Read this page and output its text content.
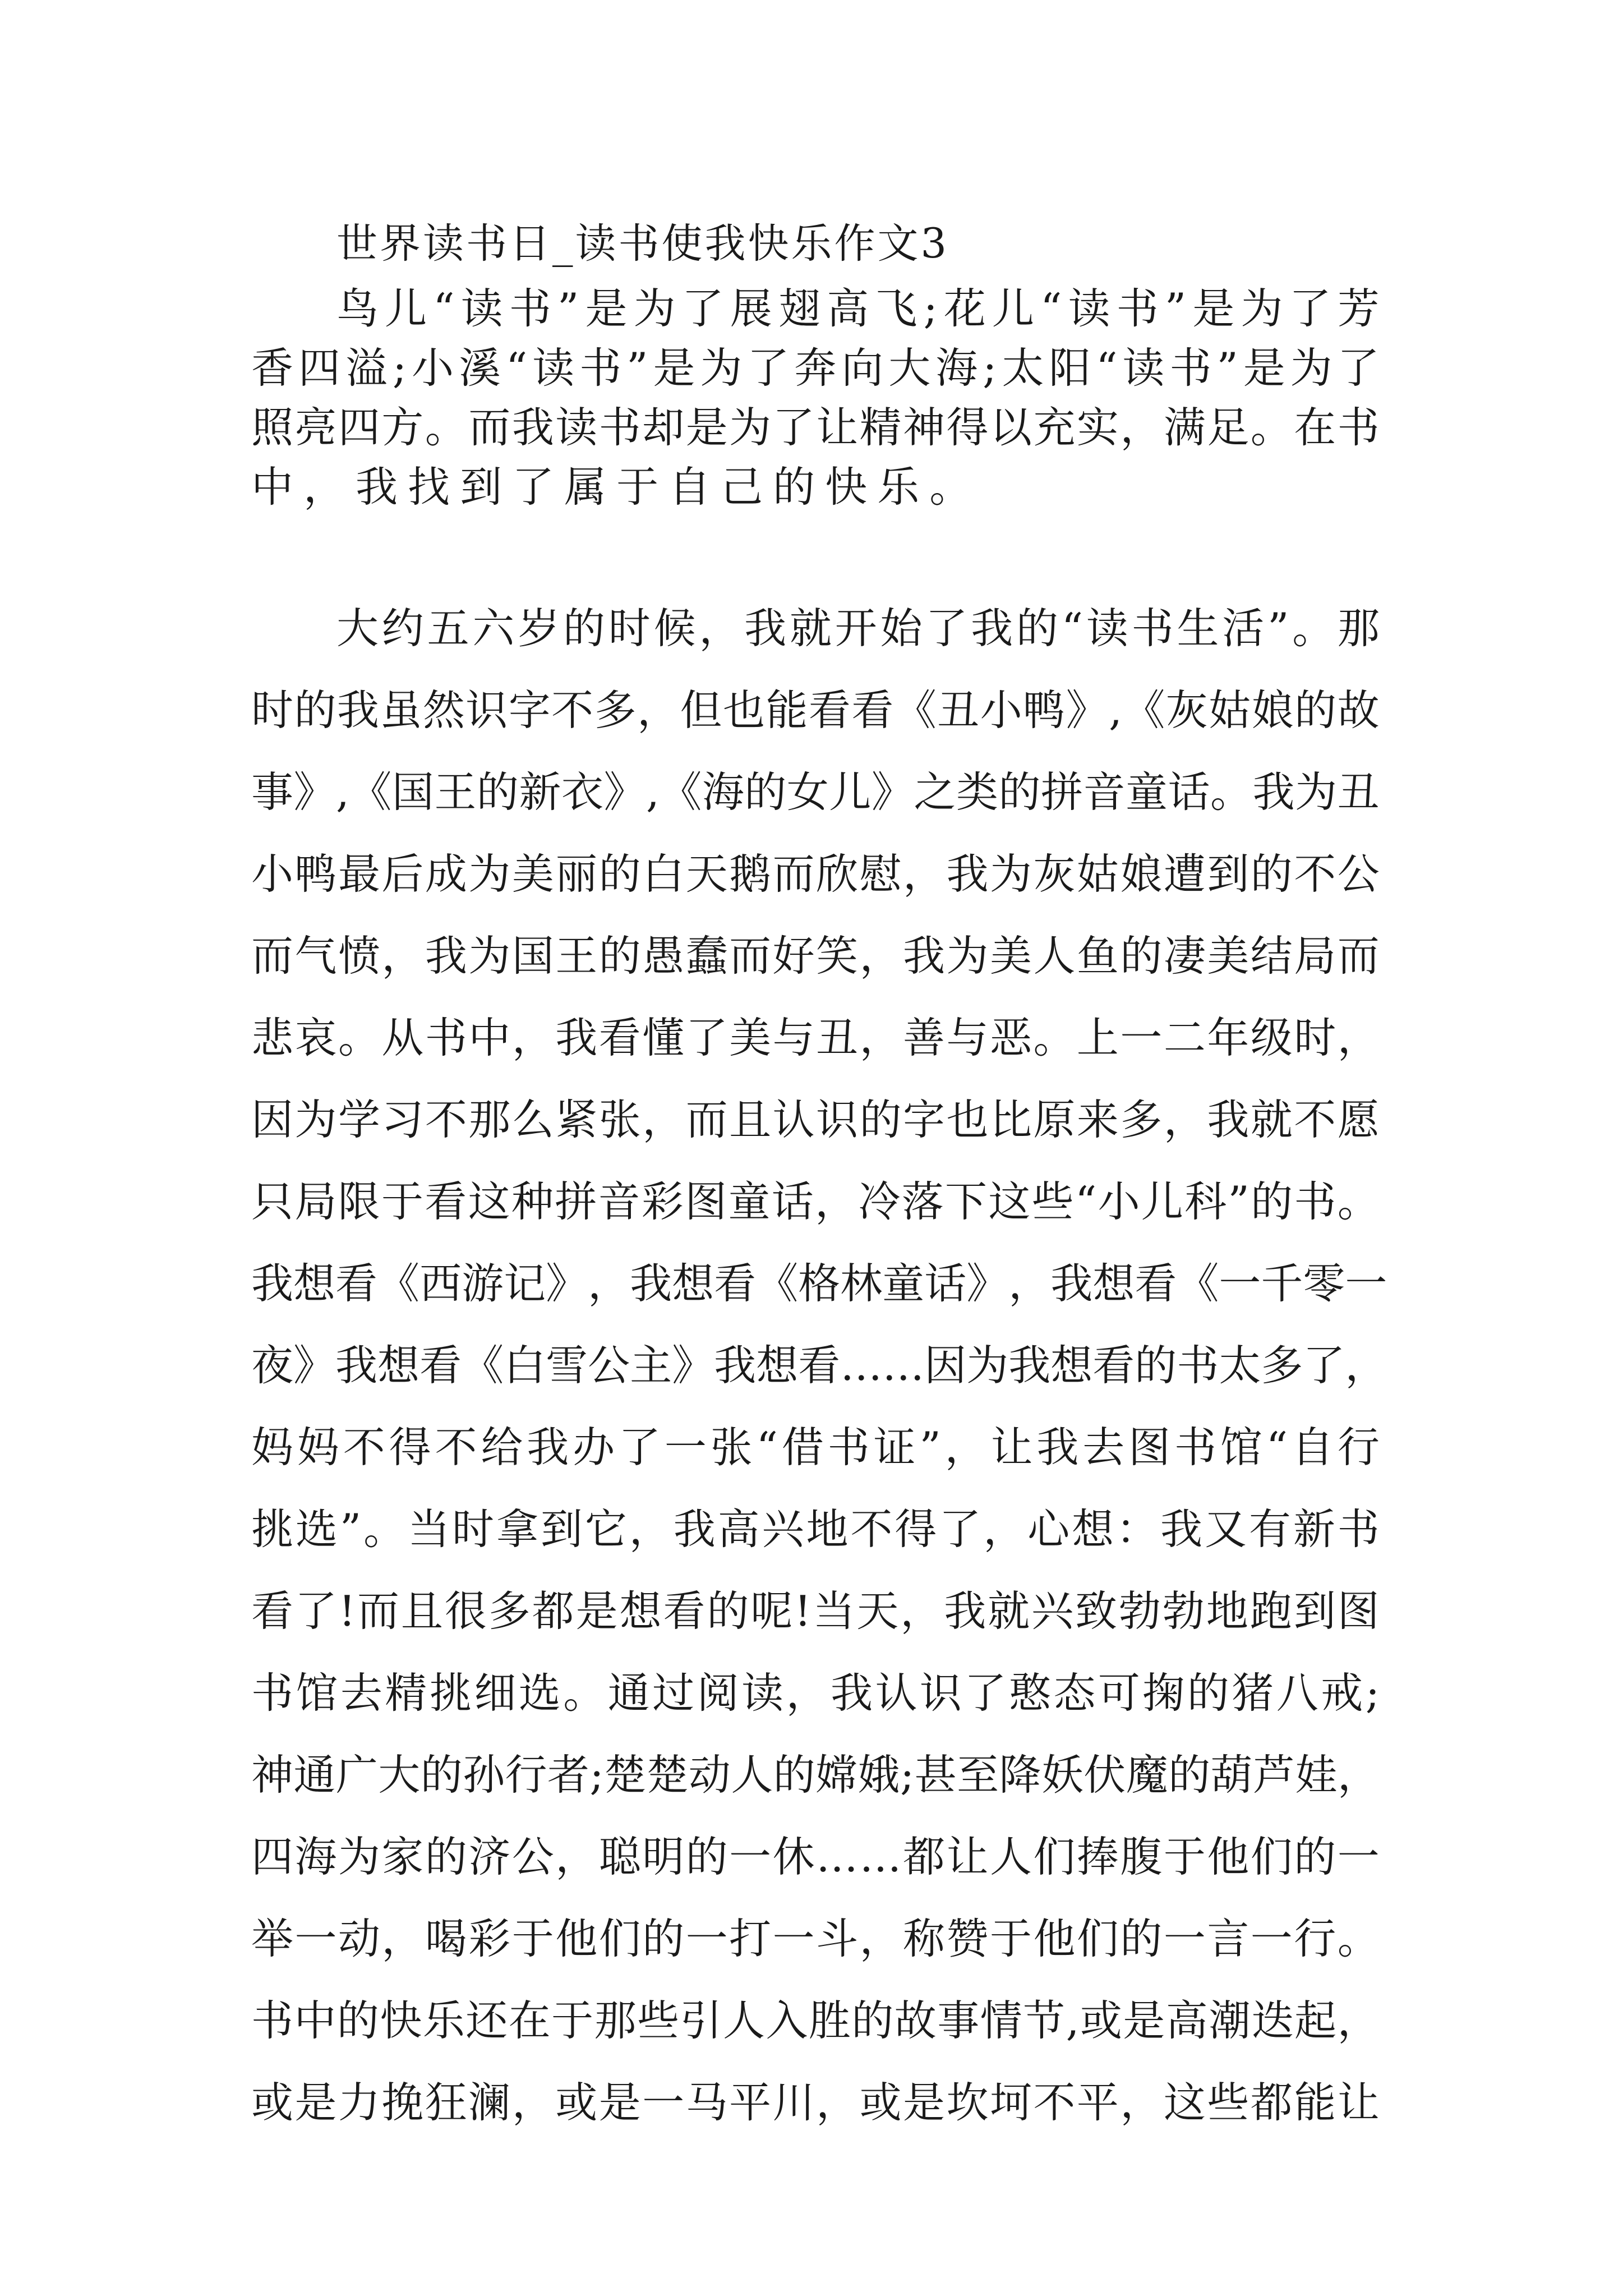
世界读书日_读书使我快乐作文3
鸟 儿 “ 读 书 ” 是 为 了 展 翅 高 飞 ; 花 儿 “ 读 书 ” 是 为 了 芳
香 四 溢 ; 小 溪 “ 读 书 ” 是 为 了 奔 向 大 海 ; 太 阳 “ 读 书 ” 是 为 了
照 亮 四 方 。 而 我 读 书 却 是 为 了 让 精 神 得 以 充 实 ， 满 足 。 在 书
中 ， 我 找 到 了 属 于 自 己 的 快 乐 。
大 约 五 六 岁 的 时 候 ， 我 就 开 始 了 我 的 “ 读 书 生 活 ” 。 那
时 的 我 虽 然 识 字 不 多 ， 但 也 能 看 看 《 丑 小 鸭 》 , 《 灰 姑 娘 的 故
事 》 , 《 国 王 的 新 衣 》 , 《 海 的 女 儿 》 之 类 的 拼 音 童 话 。 我 为 丑
小 鸭 最 后 成 为 美 丽 的 白 天 鹅 而 欣 慰 ， 我 为 灰 姑 娘 遭 到 的 不 公
而 气 愤 ， 我 为 国 王 的 愚 蠢 而 好 笑 ， 我 为 美 人 鱼 的 凄 美 结 局 而
悲 哀 。 从 书 中 ， 我 看 懂 了 美 与 丑 ， 善 与 恶 。 上 一 二 年 级 时 ，
因 为 学 习 不 那 么 紧 张 ， 而 且 认 识 的 字 也 比 原 来 多 ， 我 就 不 愿
只 局 限 于 看 这 种 拼 音 彩 图 童 话 ， 冷 落 下 这 些 “ 小 儿 科 ” 的 书 。
我 想 看 《 西 游 记 》 ， 我 想 看 《 格 林 童 话 》 ， 我 想 看 《 一 千 零 一
夜 》 我 想 看 《 白 雪 公 主 》 我 想 看 … … 因 为 我 想 看 的 书 太 多 了 ，
妈 妈 不 得 不 给 我 办 了 一 张 “ 借 书 证 ” ， 让 我 去 图 书 馆 “ 自 行
挑 选 ” 。 当 时 拿 到 它 ， 我 高 兴 地 不 得 了 ， 心 想 ： 我 又 有 新 书
看 了 ! 而 且 很 多 都 是 想 看 的 呢 ! 当 天 ， 我 就 兴 致 勃 勃 地 跑 到 图
书 馆 去 精 挑 细 选 。 通 过 阅 读 ， 我 认 识 了 憨 态 可 掬 的 猪 八 戒 ;
神 通 广 大 的 孙 行 者 ; 楚 楚 动 人 的 嫦 娥 ; 甚 至 降 妖 伏 魔 的 葫 芦 娃 ，
四 海 为 家 的 济 公 ， 聪 明 的 一 休 … … 都 让 人 们 捧 腹 于 他 们 的 一
举 一 动 ， 喝 彩 于 他 们 的 一 打 一 斗 ， 称 赞 于 他 们 的 一 言 一 行 。
书 中 的 快 乐 还 在 于 那 些 引 人 入 胜 的 故 事 情 节 , 或 是 高 潮 迭 起 ，
或 是 力 挽 狂 澜 ， 或 是 一 马 平 川 ， 或 是 坎 坷 不 平 ， 这 些 都 能 让
